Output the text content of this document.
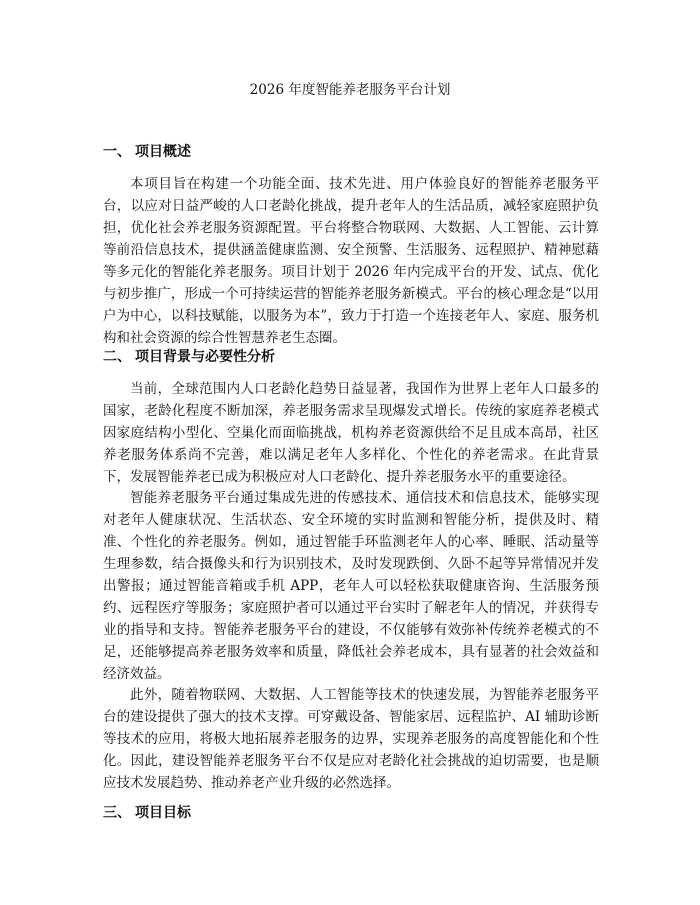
2026 年度智能养老服务平台计划
一、 项目概述

本项目旨在构建一个功能全面、技术先进、用户体验良好的智能养老服务平台，以应对日益严峻的人口老龄化挑战，提升老年人的生活品质，减轻家庭照护负担，优化社会养老服务资源配置。平台将整合物联网、大数据、人工智能、云计算等前沿信息技术，提供涵盖健康监测、安全预警、生活服务、远程照护、精神慰藉等多元化的智能化养老服务。项目计划于 2026 年内完成平台的开发、试点、优化与初步推广，形成一个可持续运营的智能养老服务新模式。平台的核心理念是“以用户为中心，以科技赋能，以服务为本”，致力于打造一个连接老年人、家庭、服务机构和社会资源的综合性智慧养老生态圈。

二、 项目背景与必要性分析

当前，全球范围内人口老龄化趋势日益显著，我国作为世界上老年人口最多的国家，老龄化程度不断加深，养老服务需求呈现爆发式增长。传统的家庭养老模式因家庭结构小型化、空巢化而面临挑战，机构养老资源供给不足且成本高昂，社区养老服务体系尚不完善，难以满足老年人多样化、个性化的养老需求。在此背景下，发展智能养老已成为积极应对人口老龄化、提升养老服务水平的重要途径。

智能养老服务平台通过集成先进的传感技术、通信技术和信息技术，能够实现对老年人健康状况、生活状态、安全环境的实时监测和智能分析，提供及时、精准、个性化的养老服务。例如，通过智能手环监测老年人的心率、睡眠、活动量等生理参数，结合摄像头和行为识别技术，及时发现跌倒、久卧不起等异常情况并发出警报；通过智能音箱或手机 APP，老年人可以轻松获取健康咨询、生活服务预约、远程医疗等服务；家庭照护者可以通过平台实时了解老年人的情况，并获得专业的指导和支持。智能养老服务平台的建设，不仅能够有效弥补传统养老模式的不足，还能够提高养老服务效率和质量，降低社会养老成本，具有显著的社会效益和经济效益。

此外，随着物联网、大数据、人工智能等技术的快速发展，为智能养老服务平台的建设提供了强大的技术支撑。可穿戴设备、智能家居、远程监护、AI 辅助诊断等技术的应用，将极大地拓展养老服务的边界，实现养老服务的高度智能化和个性化。因此，建设智能养老服务平台不仅是应对老龄化社会挑战的迫切需要，也是顺应技术发展趋势、推动养老产业升级的必然选择。

三、 项目目标
